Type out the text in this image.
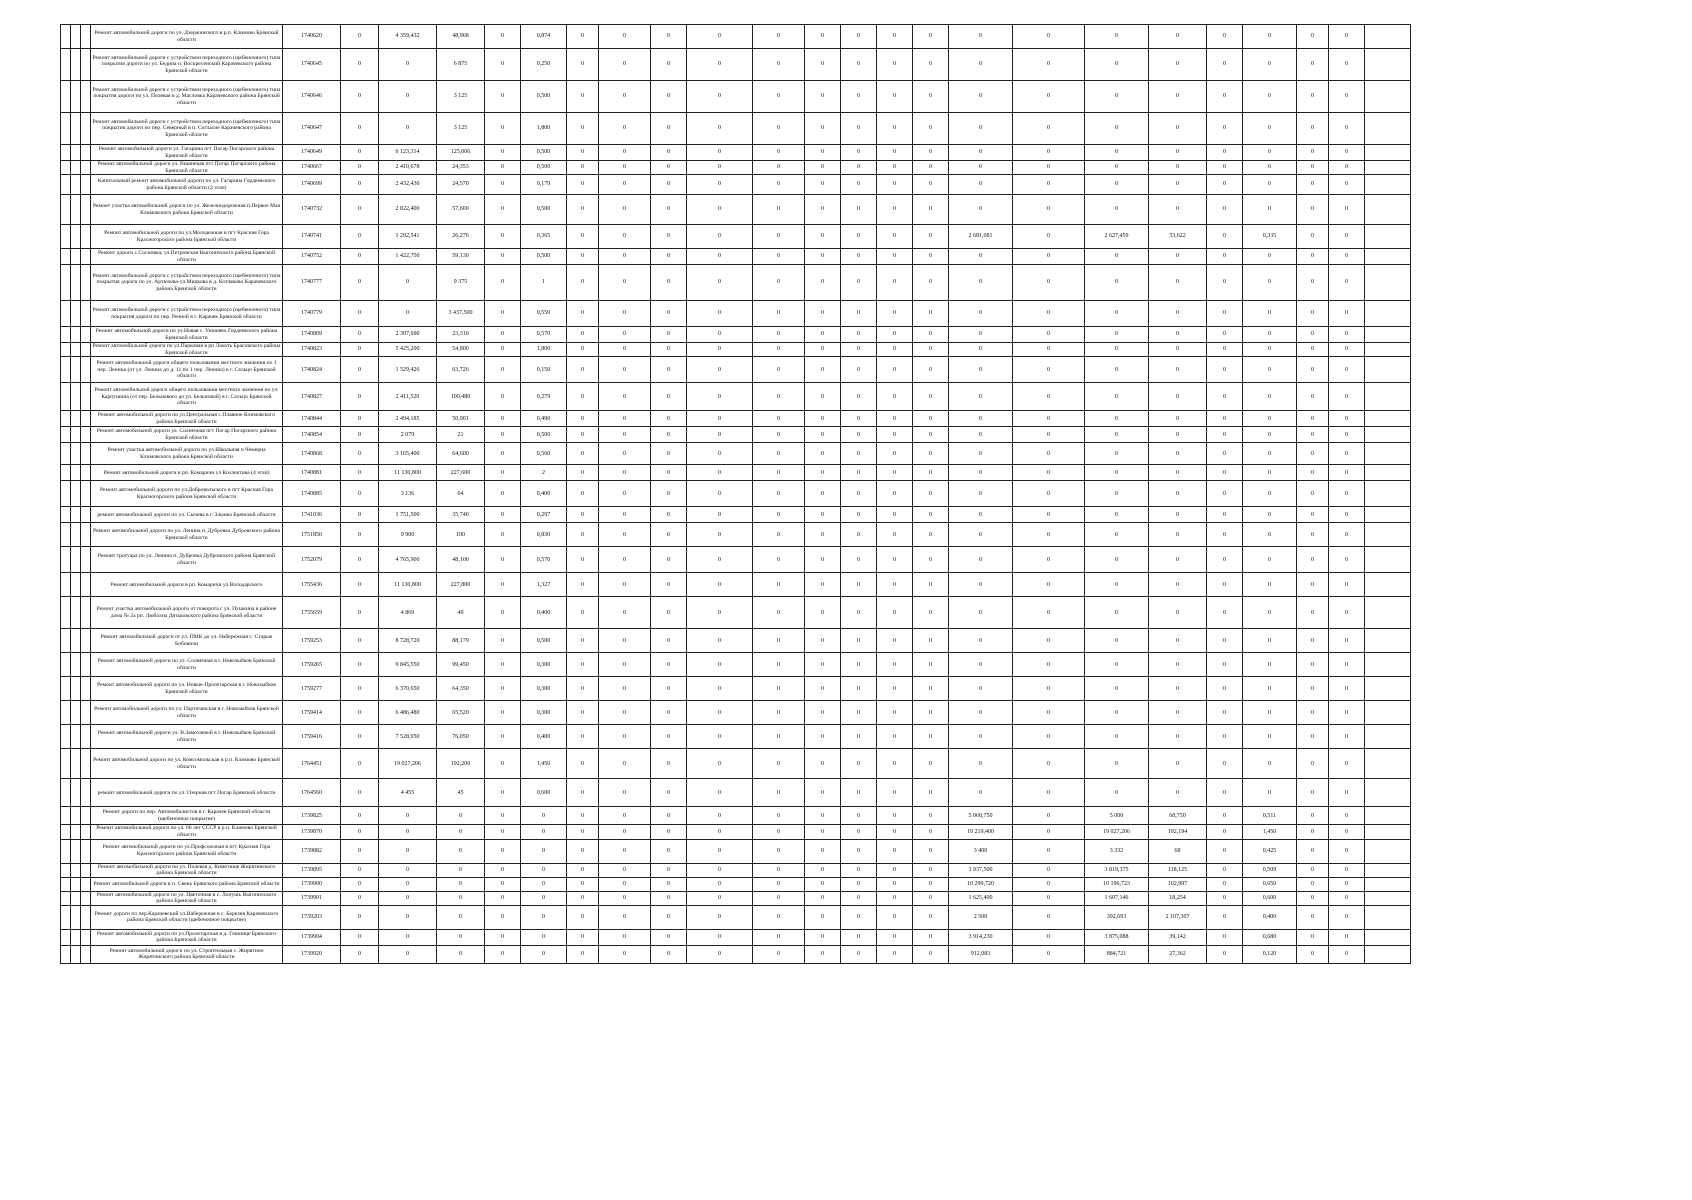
			Ремонт автомобильной дороги по ул. Дзержинского в р.п. Климово Брянской области	1740620	0	4 359,432	48,968	0	0,874	0	0	0	0	0	0	0	0	0	0	0	0	0	0	0	0	0	
			Ремонт автомобильной дороги с устройством переходного (щебеночного) типа покрытия дороги по ул. Бедина п. Воскресенский Карачевского района Брянской области	1740645	0	0	6 875	0	0,250	0	0	0	0	0	0	0	0	0	0	0	0	0	0	0	0	0	
			Ремонт автомобильной дороги с устройством переходного (щебеночного) типа покрытия дороги по ул. Полевая в д. Масловка Карачевского района Брянской области	1740646	0	0	3 125	0	0,500	0	0	0	0	0	0	0	0	0	0	0	0	0	0	0	0	0	
			Ремонт автомобильной дороги с устройством переходного (щебеночного) типа покрытия дороги по пер. Северный в п. Согласие Карачевского района Брянской области	1740647	0	0	3 125	0	1,800	0	0	0	0	0	0	0	0	0	0	0	0	0	0	0	0	0	
			Ремонт автомобильной дороги ул. Гагарина пгт Погар Погарского района Брянской области	1740649	0	6 123,314	125,006	0	0,500	0	0	0	0	0	0	0	0	0	0	0	0	0	0	0	0	0	
			Ремонт автомобильной дороги ул. Вишневая пгт Погар Погарского района Брянской области	1740667	0	2 410,678	24,353	0	0,500	0	0	0	0	0	0	0	0	0	0	0	0	0	0	0	0	0	
			Капитальный ремонт автомобильной дороги по ул. Гагарина Гордеевского района Брянской области (2 этап)	1740699	0	2 432,430	24,570	0	0,179	0	0	0	0	0	0	0	0	0	0	0	0	0	0	0	0	0	
			Ремонт участка автомобильной дороги по ул. Железнодорожная п.Первое Мая Климовского района Брянской области	1740732	0	2 822,400	57,600	0	0,500	0	0	0	0	0	0	0	0	0	0	0	0	0	0	0	0	0	
			Ремонт автомобильной дороги по ул.Молодежная в пгт Красная Гора Красногорского района Брянской области	1740741	0	1 292,541	26,276	0	0,365	0	0	0	0	0	0	0	0	0	2 681,081	0	2 627,459	53,622	0	0,335	0	0	
			Ремонт дороги с.Сосновка, ул.Петровская Выгоничского района Брянской области	1740752	0	1 422,750	59,130	0	0,500	0	0	0	0	0	0	0	0	0	0	0	0	0	0	0	0	0	
			Ремонт автомобильной дороги с устройством переходного (щебеночного) типа покрытия дороги по ул. Артюхова-ул.Мицкова в д. Котляково Карачевского района Брянской области	1740777	0	0	9 375	0	1	0	0	0	0	0	0	0	0	0	0	0	0	0	0	0	0	0	
			Ремонт автомобильной дороги с устройством переходного (щебеночного) типа покрытия дороги по пер. Речной в г. Карачев Брянской области	1740779	0	0	3 437,500	0	0,550	0	0	0	0	0	0	0	0	0	0	0	0	0	0	0	0	0	
			Ремонт автомобильной дороги по ул.Новая с. Уношево Гордеевского района Брянской области	1740809	0	2 307,690	23,310	0	0,570	0	0	0	0	0	0	0	0	0	0	0	0	0	0	0	0	0	
			Ремонт автомобильной дороги по ул.Парковая в рп Локоть Брасовского района Брянской области	1740823	0	5 425,200	54,800	0	1,800	0	0	0	0	0	0	0	0	0	0	0	0	0	0	0	0	0	
			Ремонт автомобильной дороги общего пользования местного значения по 1 пер. Ленина (от ул. Ленина до д. 11 по 1 пер. Ленина) в г. Сельцо Брянской области	1740824	0	1 529,426	63,726	0	0,150	0	0	0	0	0	0	0	0	0	0	0	0	0	0	0	0	0	
			Ремонт автомобильной дороги общего пользования местного значения по ул. Карпушина (от пер. Бельнового до ул. Бельновой) в г. Сельцо Брянской области	1740827	0	2 411,520	100,480	0	0,279	0	0	0	0	0	0	0	0	0	0	0	0	0	0	0	0	0	
			Ремонт автомобильной дороги по ул.Центральная с.Плавное Климовского района Брянской области	1740844	0	2 494,185	50,901	0	0,490	0	0	0	0	0	0	0	0	0	0	0	0	0	0	0	0	0	
			Ремонт автомобильной дороги ул. Солнечная пгт Погар Погарского района Брянской области	1740854	0	2 079	21	0	0,500	0	0	0	0	0	0	0	0	0	0	0	0	0	0	0	0	0	
			Ремонт участка автомобильной дороги по ул.Школьная п.Чемерна Климовского района Брянской области	1740868	0	3 165,400	64,600	0	0,560	0	0	0	0	0	0	0	0	0	0	0	0	0	0	0	0	0	
			Ремонт автомобильной дороги в рп. Комаричи ул Коллектива (4 этап)	1740881	0	11 130,800	227,600	0	2	0	0	0	0	0	0	0	0	0	0	0	0	0	0	0	0	0	
			Ремонт автомобильной дороги по ул.Добровольского в пгт Красная Гора Красногорского района Брянской области	1740885	0	3 136	64	0	0,400	0	0	0	0	0	0	0	0	0	0	0	0	0	0	0	0	0	
			ремонт автомобильной дороги по ул. Сычева в г. Злынка Брянской области	1741036	0	1 751,500	35,740	0	0,297	0	0	0	0	0	0	0	0	0	0	0	0	0	0	0	0	0	
			Ремонт автомобильной дороги по ул. Ленина п. Дубровка Дубровского района Брянской области	1751850	0	9 900	100	0	0,830	0	0	0	0	0	0	0	0	0	0	0	0	0	0	0	0	0	
			Ремонт тротуара по ул. Ленина п. Дубровка Дубровского района Брянской области	1752079	0	4 765,900	48,100	0	0,570	0	0	0	0	0	0	0	0	0	0	0	0	0	0	0	0	0	
			Ремонт автомобильной дороги в рп. Комаричи ул.Володарского	1755436	0	11 130,800	227,800	0	1,327	0	0	0	0	0	0	0	0	0	0	0	0	0	0	0	0	0	
			Ремонт участка автомобильной дороги от поворота с ул. Пушкина в районе дома № 2а рп. Любохна Дятьковского района Брянской области	1755659	0	4 869	49	0	0,400	0	0	0	0	0	0	0	0	0	0	0	0	0	0	0	0	0	
			Ремонт автомобильной дороги от ул. ПМК до ул. Набережная с. Старые Бобовичи	1759253	0	8 728,720	88,179	0	0,500	0	0	0	0	0	0	0	0	0	0	0	0	0	0	0	0	0	
			Ремонт автомобильной дороги по ул. Солнечная в г. Новозыбков Брянской области	1759265	0	9 845,550	99,450	0	0,300	0	0	0	0	0	0	0	0	0	0	0	0	0	0	0	0	0	
			Ремонт автомобильной дороги по ул. Новые-Пролетарская в г. Новозыбков Брянской области	1759277	0	6 370,650	64,350	0	0,300	0	0	0	0	0	0	0	0	0	0	0	0	0	0	0	0	0	
			Ремонт автомобильной дороги по ул. Партизанская в г. Новозыбков Брянской области	1759414	0	6 486,480	65,520	0	0,300	0	0	0	0	0	0	0	0	0	0	0	0	0	0	0	0	0	
			Ремонт автомобильной дороги ул. В.Замотаевой в г. Новозыбков Брянской области	1759416	0	7 528,950	76,050	0	0,400	0	0	0	0	0	0	0	0	0	0	0	0	0	0	0	0	0	
			Ремонт автомобильной дороги по ул. Комсомольская в р.п. Климово Брянской области	1764451	0	19 027,206	192,200	0	1,450	0	0	0	0	0	0	0	0	0	0	0	0	0	0	0	0	0	
			ремонт автомобильной дороги по ул. Озерная пгт Погар Брянской области	1764560	0	4 455	45	0	0,600	0	0	0	0	0	0	0	0	0	0	0	0	0	0	0	0	0	
			Ремонт дороги по пер. Автомобилистов в г. Карачев Брянской области (щебеночное покрытие)	1739825	0	0	0	0	0	0	0	0	0	0	0	0	0	0	5 068,750	0	5 000	68,750	0	0,511	0	0	
			Ремонт автомобильной дороги по ул. 60 лет СССР в р.п. Климово Брянской области	1739870	0	0	0	0	0	0	0	0	0	0	0	0	0	0	19 219,400	0	19 027,206	192,194	0	1,450	0	0	
			Ремонт автомобильной дороги по ул.Профсоюзная в пгт Красная Гора Красногорского района Брянской области	1739882	0	0	0	0	0	0	0	0	0	0	0	0	0	0	3 400	0	3 332	68	0	0,425	0	0	
			Ремонт автомобильной дороги по ул. Полевая д. Киметище Жирятинского района Брянской области	1739895	0	0	0	0	0	0	0	0	0	0	0	0	0	0	3 937,500	0	3 819,375	118,125	0	0,509	0	0	
			Ремонт автомобильной дороги в п. Свень Брянского района Брянской области	1739900	0	0	0	0	0	0	0	0	0	0	0	0	0	0	10 299,720	0	10 196,723	102,997	0	0,650	0	0	
			Ремонт автомобильной дороги по ул. Цветочная в с. Лопушь Выгоничского района Брянской области	1739901	0	0	0	0	0	0	0	0	0	0	0	0	0	0	1 625,400	0	1 607,146	18,254	0	0,600	0	0	
			Ремонт дороги по пер.Карачевский ул.Набережная в с. Березня Карачевского района Брянской области (щебеночное покрытие)	1739203	0	0	0	0	0	0	0	0	0	0	0	0	0	0	2 500	0	392,693	2 107,307	0	0,400	0	0	
			Ремонт автомобильной дороги по ул.Пролетарская в д. Глинище Брянского района Брянской области	1739904	0	0	0	0	0	0	0	0	0	0	0	0	0	0	3 914,230	0	3 875,088	39,142	0	0,680	0	0	
			Ремонт автомобильной дороги по ул. Строительная с. Жирятино Жирятинского района Брянской области	1739920	0	0	0	0	0	0	0	0	0	0	0	0	0	0	912,083	0	884,721	27,362	0	0,120	0	0	
